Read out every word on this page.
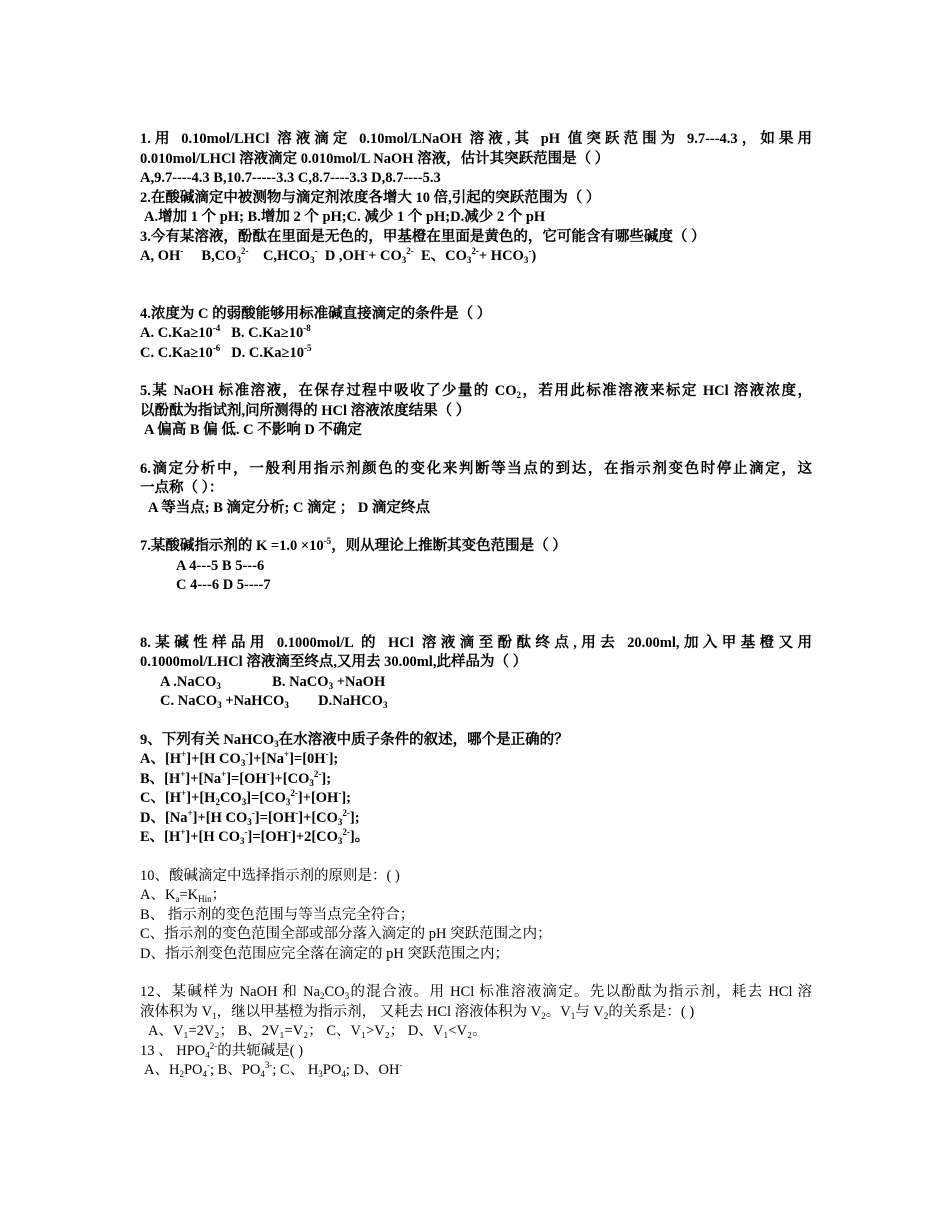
1.用 0.10mol/LHCl 溶液滴定 0.10mol/LNaOH 溶液,其 pH 值突跃范围为 9.7---4.3，如果用
0.010mol/LHCl 溶液滴定 0.010mol/L NaOH 溶液，估计其突跃范围是（ ）
A,9.7----4.3 B,10.7-----3.3 C,8.7----3.3 D,8.7----5.3
2.在酸碱滴定中被测物与滴定剂浓度各增大 10 倍,引起的突跃范围为（ ）
A.增加 1 个 pH; B.增加 2 个 pH;C. 减少 1 个 pH;D.减少 2 个 pH
3.今有某溶液，酚酞在里面是无色的，甲基橙在里面是黄色的，它可能含有哪些碱度（ ）
A, OH- $B,CO_3^{2-}$ $C,HCO_3^-$ D $,OH^-+ CO_3^{2-}$ E、$CO_3^{2-}+ HCO_3^-$)
4.浓度为 C 的弱酸能够用标准碱直接滴定的条件是（ ）
A. $C.Ka\ge 10^{-4}$ B. $C.Ka\ge 10^{-8}$
C. $C.Ka\ge 10^{-6}$ D. $C.Ka\ge 10^{-5}$
5.某 NaOH 标准溶液，在保存过程中吸收了少量的 $CO_2$，若用此标准溶液来标定 HCl 溶液浓度，
以酚酞为指试剂,问所测得的 HCl 溶液浓度结果（ ）
A 偏高 B 偏 低. C 不影响 D 不确定
6.滴定分析中，一般利用指示剂颜色的变化来判断等当点的到达，在指示剂变色时停止滴定，这
一点称（ ）：
A 等当点; B 滴定分析; C 滴定 ； D 滴定终点
7.某酸碱指示剂的 $K =1.0 \times 10^{-5}$，则从理论上推断其变色范围是（ ）
A 4---5 B 5---6
C 4---6 D 5----7
8.某碱性样品用 0.1000mol/L 的 HCl 溶液滴至酚酞终点,用去 20.00ml,加入甲基橙又用
0.1000mol/LHCl 溶液滴至终点,又用去 30.00ml,此样品为（ ）
A .NaCO$_3$	B. NaCO$_3$ +NaOH
C. NaCO$_3$ +NaHCO$_3$ D.NaHCO$_3$
9、下列有关 NaHCO$_3$在水溶液中质子条件的叙述，哪个是正确的？
A、[H+]+[H $CO_3^-]+[Na^+]=[0H^-]$;
B、$[H^+]+[Na^+]=[OH^-]+[CO_3^{2-}]$;
C、$[H^+]+[H_2CO_3]=[CO_3^{2-}]+[OH^-]$;
D、[Na+]+[H $CO_3^-]=[OH^-]+[CO_3^{2-}]$;
E、[H+]+[H $CO_3^-]=[OH^-]+2[CO_3^{2-}]$。
10、酸碱滴定中选择指示剂的原则是：( )
A、$K_a=K_{Hin}$；
B、 指示剂的变色范围与等当点完全符合；
C、指示剂的变色范围全部或部分落入滴定的 pH 突跃范围之内；
D、指示剂变色范围应完全落在滴定的 pH 突跃范围之内；
12、某碱样为 NaOH 和 $Na_2CO_3$的混合液。用 HCl 标准溶液滴定。先以酚酞为指示剂，耗去 HCl 溶
液体积为 $V_1$，继以甲基橙为指示剂， 又耗去 HCl 溶液体积为 $V_2$。$V_1$与 $V_2$的关系是：( )
A、V₁=2V₂； B、2V₁=V₂； C、V₁>V₂； D、V₁<V₂。
13 、 $HPO_4^{2-}$的共轭碱是( )
A、$H_2PO_4^-$; B、$PO_4^{3-}$; C、 $H_3PO_4$; D、OH-
